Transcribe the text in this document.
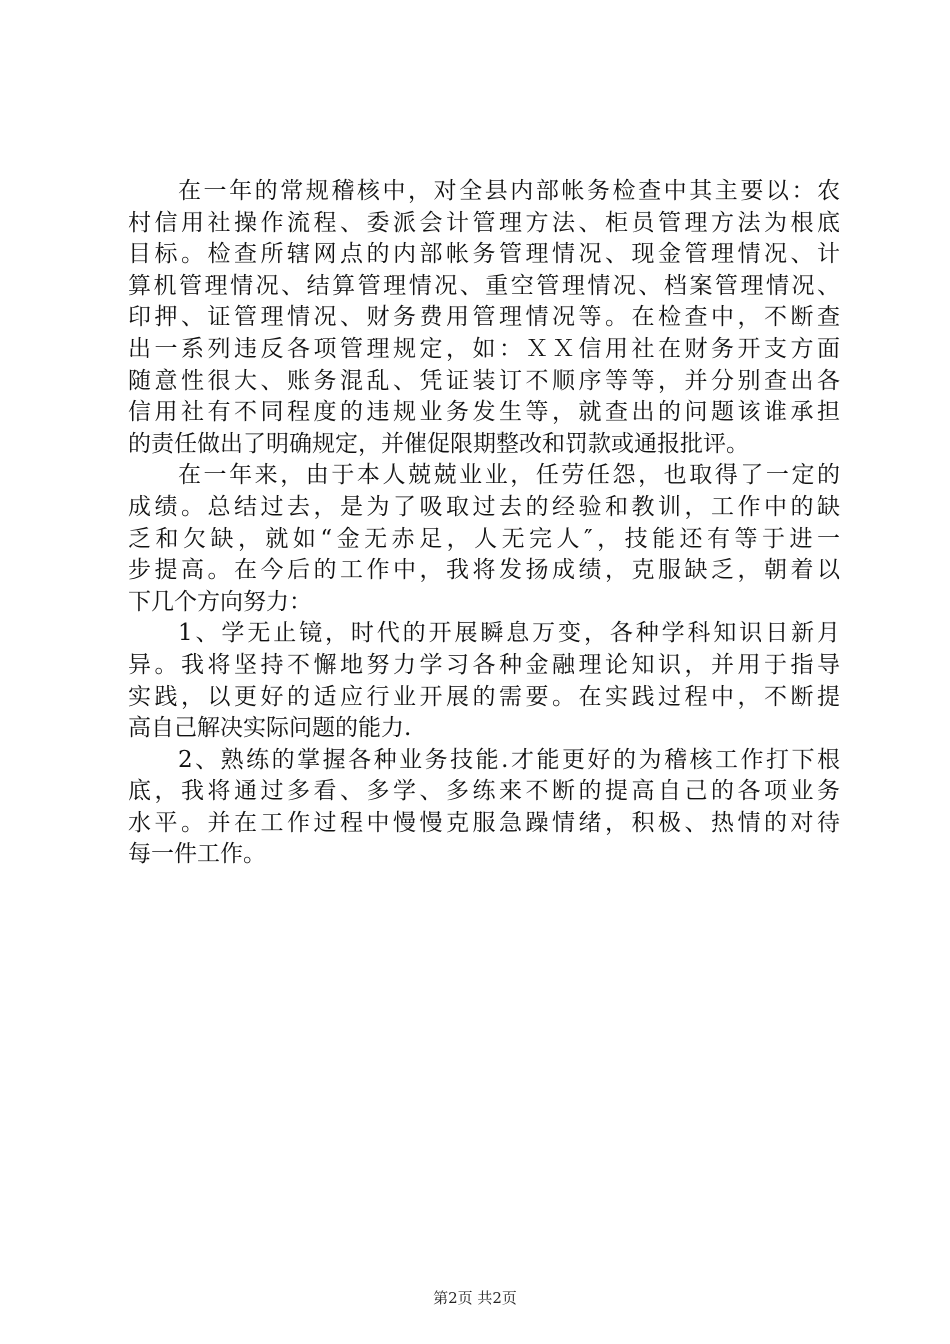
在一年的常规稽核中，对全县内部帐务检查中其主要以：农
村信用社操作流程、委派会计管理方法、柜员管理方法为根底
目标。检查所辖网点的内部帐务管理情况、现金管理情况、计
算机管理情况、结算管理情况、重空管理情况、档案管理情况、
印押、证管理情况、财务费用管理情况等。在检查中，不断查
出一系列违反各项管理规定，如：ＸＸ信用社在财务开支方面
随意性很大、账务混乱、凭证装订不顺序等等，并分别查出各
信用社有不同程度的违规业务发生等，就查出的问题该谁承担
的责任做出了明确规定，并催促限期整改和罚款或通报批评。
在一年来，由于本人兢兢业业，任劳任怨，也取得了一定的
成绩。总结过去，是为了吸取过去的经验和教训，工作中的缺
乏和欠缺，就如“金无赤足，人无完人″，技能还有等于进一
步提高。在今后的工作中，我将发扬成绩，克服缺乏，朝着以
下几个方向努力：
1、学无止镜，时代的开展瞬息万变，各种学科知识日新月
异。我将坚持不懈地努力学习各种金融理论知识，并用于指导
实践，以更好的适应行业开展的需要。在实践过程中，不断提
高自己解决实际问题的能力.
2、熟练的掌握各种业务技能.才能更好的为稽核工作打下根
底，我将通过多看、多学、多练来不断的提高自己的各项业务
水平。并在工作过程中慢慢克服急躁情绪，积极、热情的对待
每一件工作。
第2页 共2页
